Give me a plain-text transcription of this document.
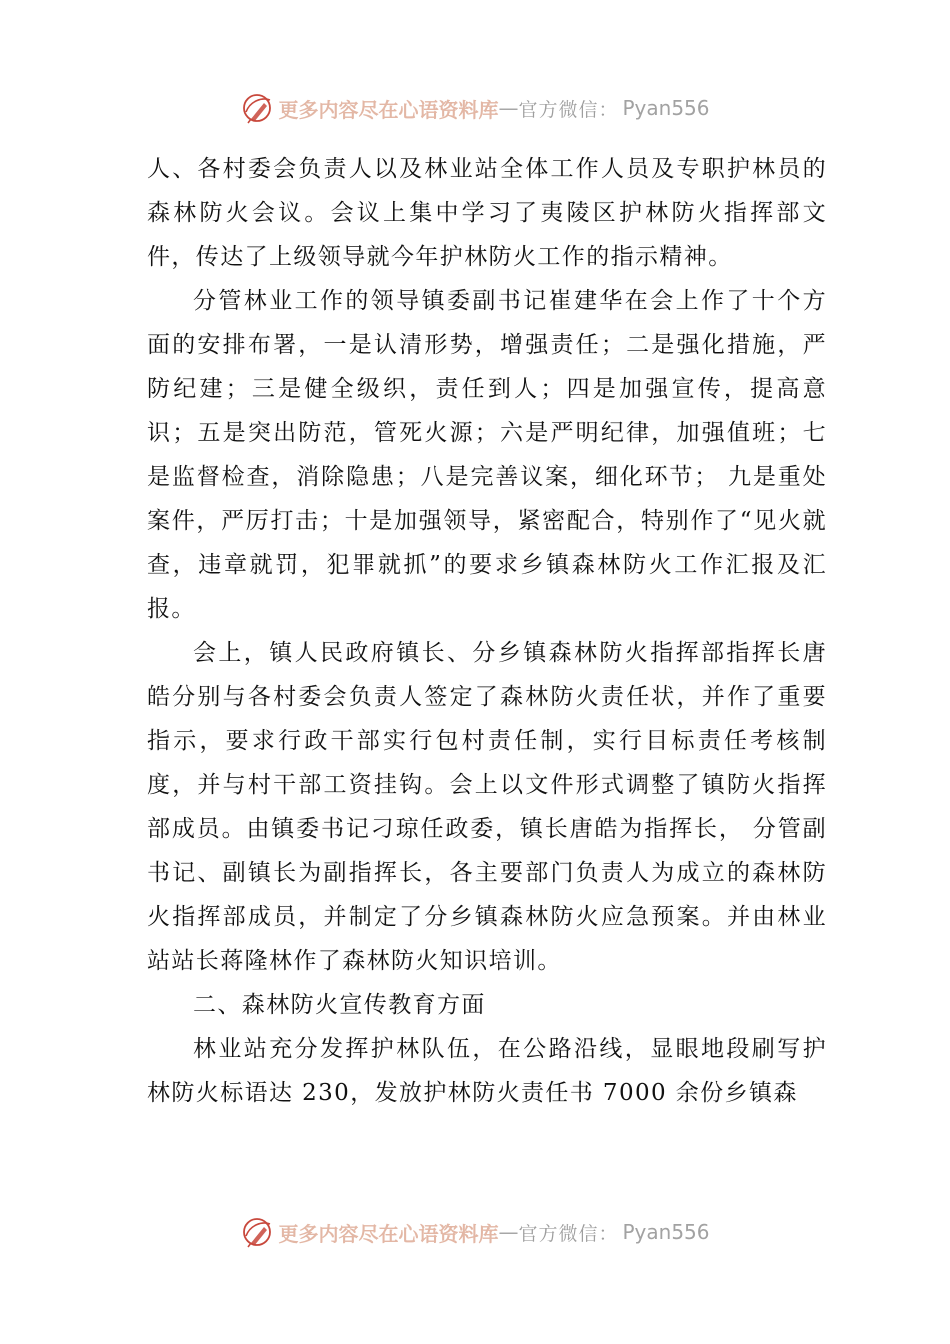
更多内容尽在心语资料库 — 官方微信： Pyan556

人、各村委会负责人以及林业站全体工作人员及专职护林员的森林防火会议。会议上集中学习了夷陵区护林防火指挥部文件，传达了上级领导就今年护林防火工作的指示精神。

分管林业工作的领导镇委副书记崔建华在会上作了十个方面的安排布署，一是认清形势，增强责任；二是强化措施，严防纪建；三是健全级织，责任到人；四是加强宣传，提高意识；五是突出防范，管死火源；六是严明纪律，加强值班；七是监督检查，消除隐患；八是完善议案，细化环节； 九是重处案件，严厉打击；十是加强领导，紧密配合，特别作了“见火就查，违章就罚，犯罪就抓”的要求乡镇森林防火工作汇报及汇报。

会上，镇人民政府镇长、分乡镇森林防火指挥部指挥长唐皓分别与各村委会负责人签定了森林防火责任状，并作了重要指示，要求行政干部实行包村责任制，实行目标责任考核制度，并与村干部工资挂钩。会上以文件形式调整了镇防火指挥部成员。由镇委书记刁琼任政委，镇长唐皓为指挥长， 分管副书记、副镇长为副指挥长，各主要部门负责人为成立的森林防火指挥部成员，并制定了分乡镇森林防火应急预案。并由林业站站长蒋隆林作了森林防火知识培训。

二、森林防火宣传教育方面

林业站充分发挥护林队伍，在公路沿线，显眼地段刷写护林防火标语达 230，发放护林防火责任书 7000 余份乡镇森

更多内容尽在心语资料库 — 官方微信： Pyan556
